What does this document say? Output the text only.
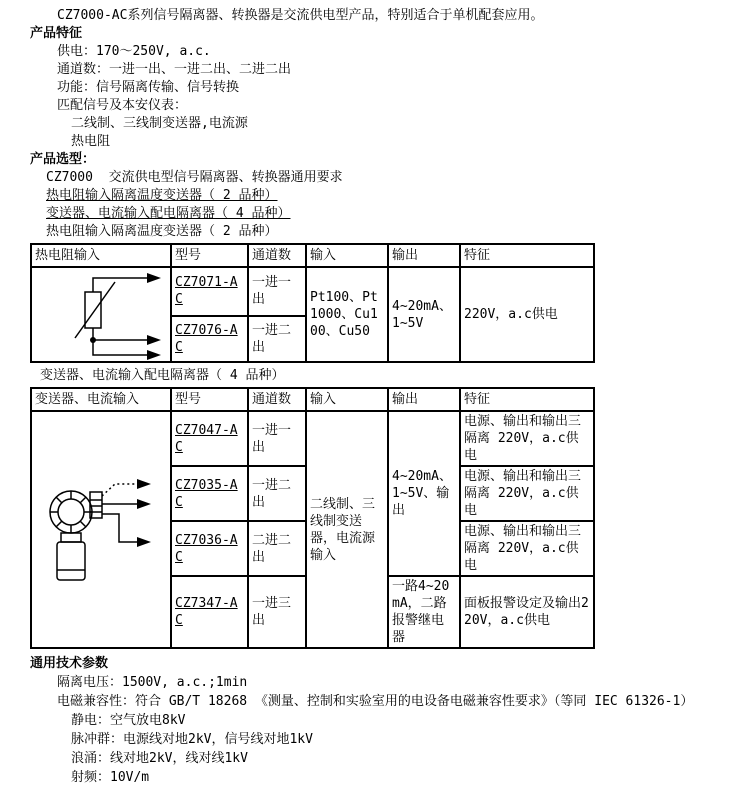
CZ7000-AC系列信号隔离器、转换器是交流供电型产品，特别适合于单机配套应用。
产品特征
供电：170～250V, a.c.
通道数：一进一出、一进二出、二进二出
功能：信号隔离传输、信号转换
匹配信号及本安仪表：
二线制、三线制变送器,电流源
热电阻
产品选型：
CZ7000  交流供电型信号隔离器、转换器通用要求
热电阻输入隔离温度变送器（ 2 品种）
变送器、电流输入配电隔离器（ 4 品种）
热电阻输入隔离温度变送器（ 2 品种）
热电阻输入	型号	通道数	输入	输出	特征

	CZ7071-AC	一进一出	Pt100、Pt1000、Cu100、Cu50	4~20mA、1~5V	220V，a.c供电
	CZ7076-AC	一进二出			
变送器、电流输入配电隔离器（ 4 品种）
变送器、电流输入	型号	通道数	输入	输出	特征

	CZ7047-AC	一进一出	二线制、三线制变送器，电流源输入	4~20mA、1~5V、输出	电源、输出和输出三隔离 220V，a.c供电
	CZ7035-AC	一进二出			电源、输出和输出三隔离 220V，a.c供电
	CZ7036-AC	二进二出			电源、输出和输出三隔离 220V，a.c供电
	CZ7347-AC	一进三出		一路4~20mA，二路报警继电器	面板报警设定及输出220V，a.c供电
通用技术参数
隔离电压：1500V, a.c.;1min
电磁兼容性：符合 GB/T 18268 《测量、控制和实验室用的电设备电磁兼容性要求》（等同 IEC 61326-1）
静电：空气放电8kV
脉冲群：电源线对地2kV，信号线对地1kV
浪涌：线对地2kV，线对线1kV
射频：10V/m
